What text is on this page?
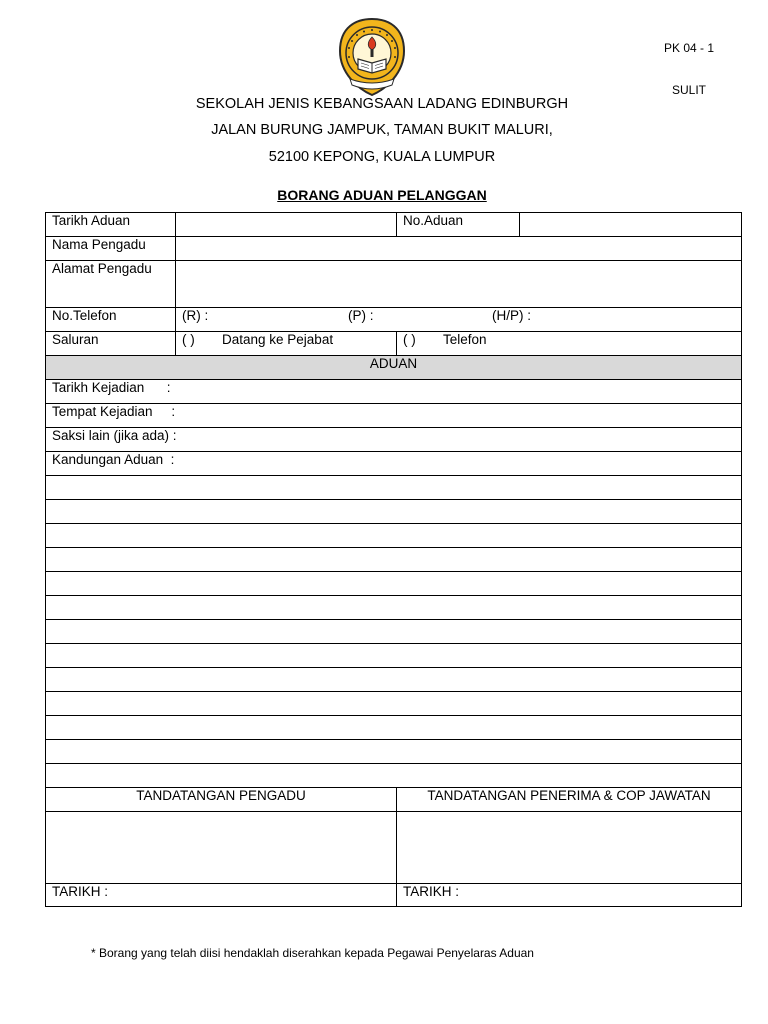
PK 04 - 1
SULIT
SEKOLAH JENIS KEBANGSAAN LADANG EDINBURGH
JALAN BURUNG JAMPUK, TAMAN BUKIT MALURI,
52100 KEPONG, KUALA LUMPUR
BORANG ADUAN PELANGGAN
Tarikh Aduan		No.Aduan	
Nama Pengadu			
Alamat Pengadu			
No.Telefon	(R) : (P) : (H/P) :		

Saluran	( ) Datang ke Pejabat	( ) Telefon	
ADUAN			
Tarikh Kejadian      :			
Tempat Kejadian     :			
Saksi lain (jika ada) :			
Kandungan Aduan  :			

TANDATANGAN PENGADU		TANDATANGAN PENERIMA & COP JAWATAN	

TARIKH :		TARIKH :	
* Borang yang telah diisi hendaklah diserahkan kepada Pegawai Penyelaras Aduan
